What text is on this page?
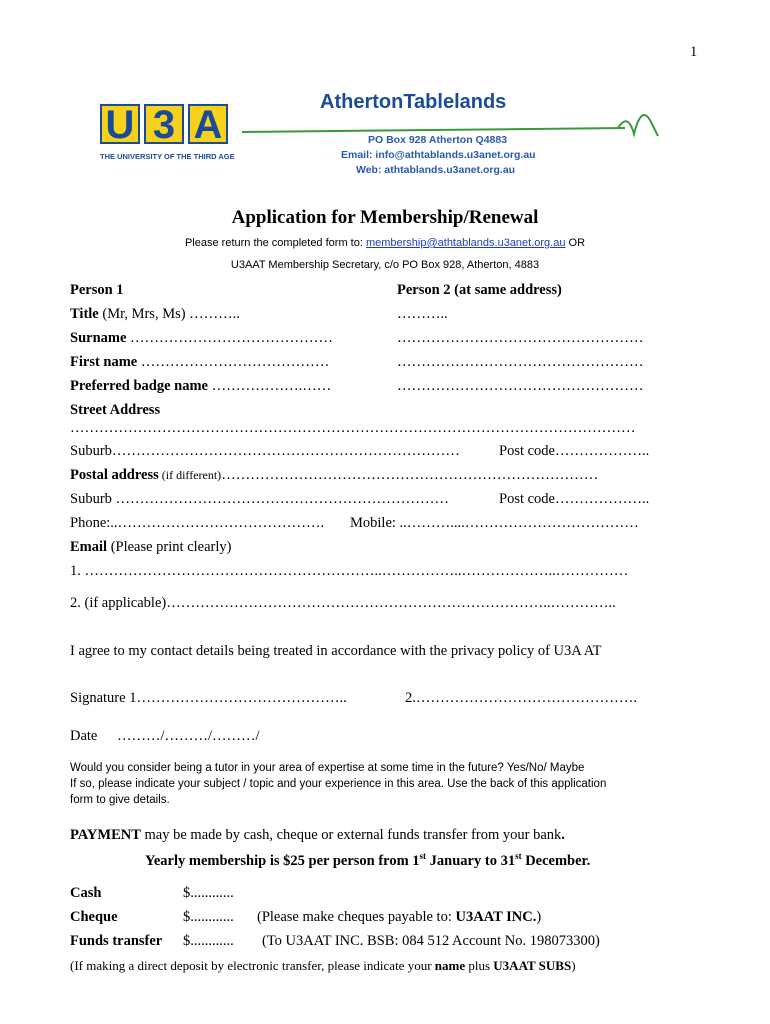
1
U 3 A
THE UNIVERSITY OF THE THIRD AGE
AthertonTablelands
PO Box 928 Atherton Q4883
Email: info@athtablands.u3anet.org.au
Web: athtablands.u3anet.org.au
Application for Membership/Renewal
Please return the completed form to: membership@athtablands.u3anet.org.au OR
U3AAT Membership Secretary, c/o PO Box 928, Atherton, 4883
Person 1	Person 2 (at same address)
Title (Mr, Mrs, Ms) ………..	………..
Surname ……………………………………	……………………………………………
First name …………………………………	……………………………………………
Preferred badge name ……………….……	……………………………………………
Street Address
………………………………………………………………………………………………………
Suburb………………………………………………………………	Post code………………..
Postal address (if different)……………………………………………………………………
Suburb ……………………………………………………………	Post code………………..
Phone:..……………………………………. Mobile: ..………....………………………………
Email (Please print clearly)
1. ……………………………………………………..……………..………………..……………
2. (if applicable)……………………………………………………………………..…………..
I agree to my contact details being treated in accordance with the privacy policy of U3A AT
Signature 1……………………………………..	2.……………………………………….
Date ………/………/………/
Would you consider being a tutor in your area of expertise at some time in the future? Yes/No/ Maybe
If so, please indicate your subject / topic and your experience in this area. Use the back of this application
form to give details.
PAYMENT may be made by cash, cheque or external funds transfer from your bank.
Yearly membership is $25 per person from 1st January to 31st December.
Cash	$............
Cheque	$............ (Please make cheques payable to: U3AAT INC.)
Funds transfer $............ (To U3AAT INC. BSB: 084 512 Account No. 198073300)
(If making a direct deposit by electronic transfer, please indicate your name plus U3AAT SUBS)
